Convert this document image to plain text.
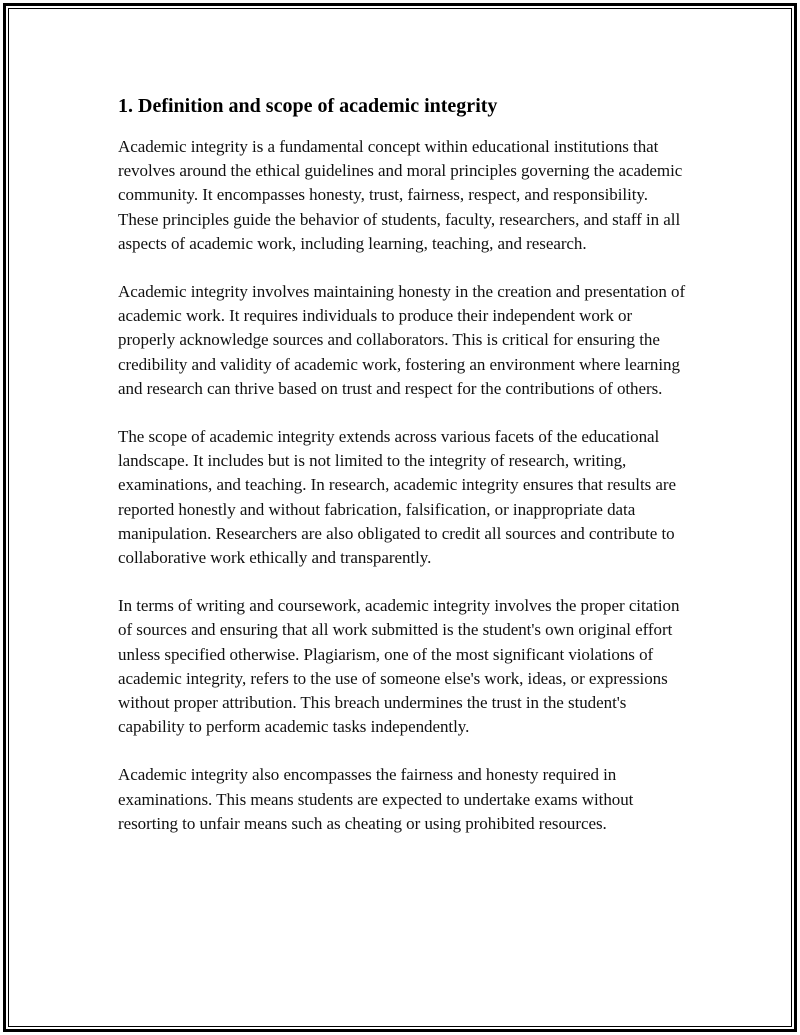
1. Definition and scope of academic integrity

Academic integrity is a fundamental concept within educational institutions that revolves around the ethical guidelines and moral principles governing the academic community. It encompasses honesty, trust, fairness, respect, and responsibility. These principles guide the behavior of students, faculty, researchers, and staff in all aspects of academic work, including learning, teaching, and research.

Academic integrity involves maintaining honesty in the creation and presentation of academic work. It requires individuals to produce their independent work or properly acknowledge sources and collaborators. This is critical for ensuring the credibility and validity of academic work, fostering an environment where learning and research can thrive based on trust and respect for the contributions of others.

The scope of academic integrity extends across various facets of the educational landscape. It includes but is not limited to the integrity of research, writing, examinations, and teaching. In research, academic integrity ensures that results are reported honestly and without fabrication, falsification, or inappropriate data manipulation. Researchers are also obligated to credit all sources and contribute to collaborative work ethically and transparently.

In terms of writing and coursework, academic integrity involves the proper citation of sources and ensuring that all work submitted is the student's own original effort unless specified otherwise. Plagiarism, one of the most significant violations of academic integrity, refers to the use of someone else's work, ideas, or expressions without proper attribution. This breach undermines the trust in the student's capability to perform academic tasks independently.

Academic integrity also encompasses the fairness and honesty required in examinations. This means students are expected to undertake exams without resorting to unfair means such as cheating or using prohibited resources.
